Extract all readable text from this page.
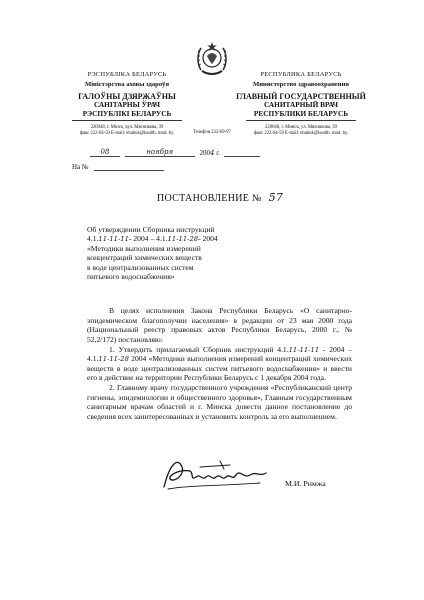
РЭСПУБЛІКА БЕЛАРУСЬ
Міністэрства аховы здароўя
ГАЛОЎНЫ ДЗЯРЖАЎНЫ
САНІТАРНЫ ЎРАЧ
РЭСПУБЛІКІ БЕЛАРУСЬ
220048, г. Мінск, вул. Мясникова, 39
факс 222-64-59 E-mail: ebabuk@health. mod. by.
РЕСПУБЛИКА БЕЛАРУСЬ
Министерство здравоохранения
ГЛАВНЫЙ ГОСУДАРСТВЕННЫЙ
САНИТАРНЫЙ ВРАЧ
РЕСПУБЛИКИ БЕЛАРУСЬ
220048, г. Минск, ул. Мясникова, 39
факс 222-64-59 E-mail: ebabuk@health. mod. by.
Телефон 222-69-97
08	ноября	2004 г.
На №
ПОСТАНОВЛЕНИЕ № 57
Об утверждении Сборника инструкций
4.1.11-11-11- 2004 – 4.1.11-11-28- 2004
«Методики выполнения измерений
концентраций химических веществ
в воде централизованных систем
питьевого водоснабжения»

В целях исполнения Закона Республики Беларусь «О санитарно-эпидемическом благополучии населения» в редакции от 23 мая 2000 года (Национальный реестр правовых актов Республики Беларусь, 2000 г., № 52,2/172) постановляю:

1. Утвердить прилагаемый Сборник инструкций 4.1.11-11-11 - 2004 – 4.1.11-11-28 2004 «Методики выполнения измерений концентраций химических веществ в воде централизованных систем питьевого водоснабжения» и ввести его в действие на территории Республики Беларусь с 1 декабря 2004 года.

2. Главному врачу государственного учреждения «Республиканский центр гигиены, эпидемиологии и общественного здоровья», Главным государственным санитарным врачам областей и г. Минска довести данное постановление до сведения всех заинтересованных и установить контроль за его выполнением.

М.И. Римжа
